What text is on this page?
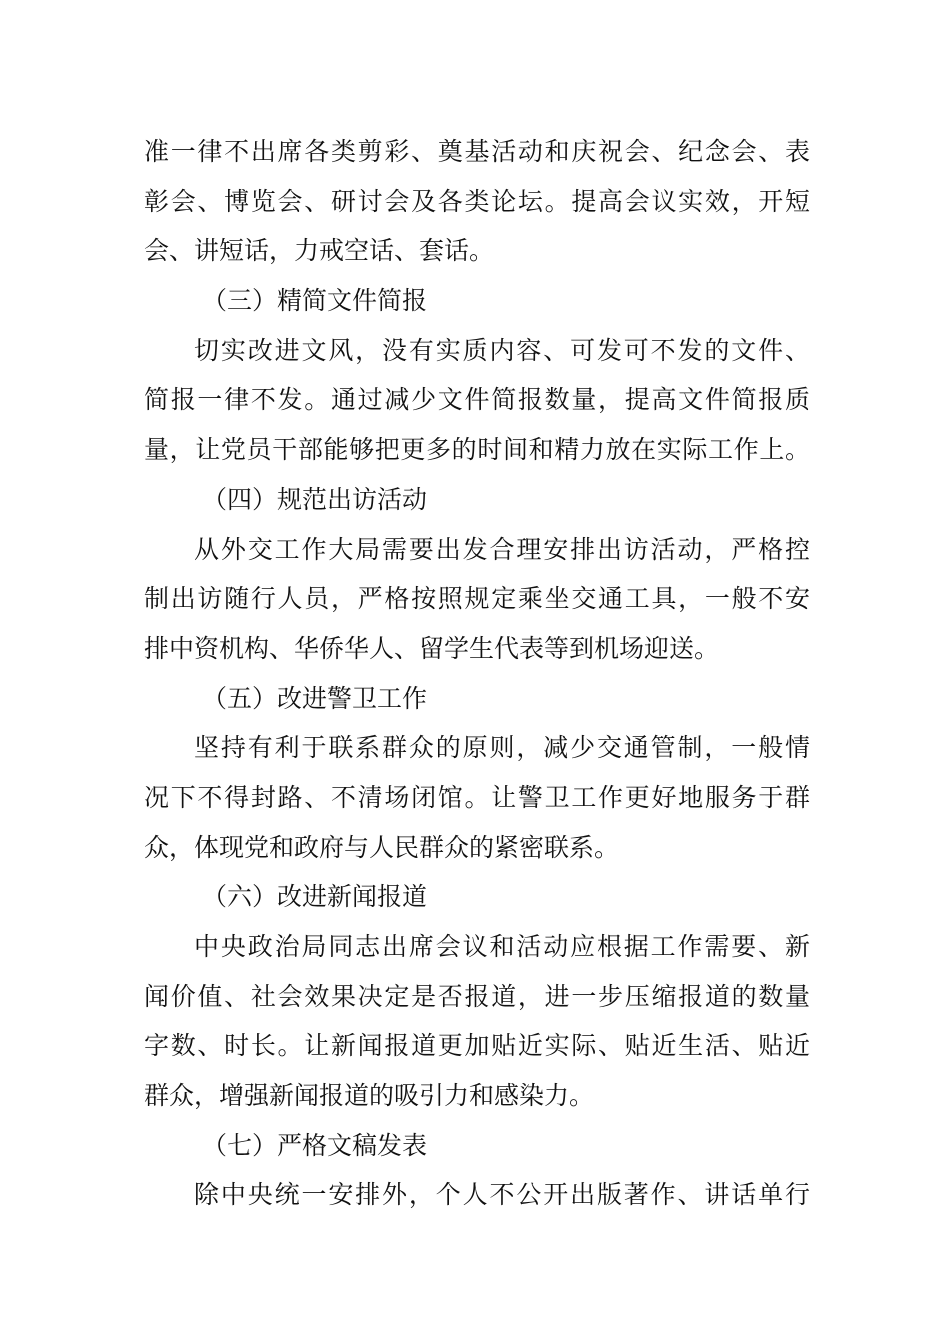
准一律不出席各类剪彩、奠基活动和庆祝会、纪念会、表
彰会、博览会、研讨会及各类论坛。提高会议实效，开短
会、讲短话，力戒空话、套话。
（三）精简文件简报
切实改进文风，没有实质内容、可发可不发的文件、
简报一律不发。通过减少文件简报数量，提高文件简报质
量，让党员干部能够把更多的时间和精力放在实际工作上。
（四）规范出访活动
从外交工作大局需要出发合理安排出访活动，严格控
制出访随行人员，严格按照规定乘坐交通工具，一般不安
排中资机构、华侨华人、留学生代表等到机场迎送。
（五）改进警卫工作
坚持有利于联系群众的原则，减少交通管制，一般情
况下不得封路、不清场闭馆。让警卫工作更好地服务于群
众，体现党和政府与人民群众的紧密联系。
（六）改进新闻报道
中央政治局同志出席会议和活动应根据工作需要、新
闻价值、社会效果决定是否报道，进一步压缩报道的数量
字数、时长。让新闻报道更加贴近实际、贴近生活、贴近
群众，增强新闻报道的吸引力和感染力。
（七）严格文稿发表
除中央统一安排外，个人不公开出版著作、讲话单行
